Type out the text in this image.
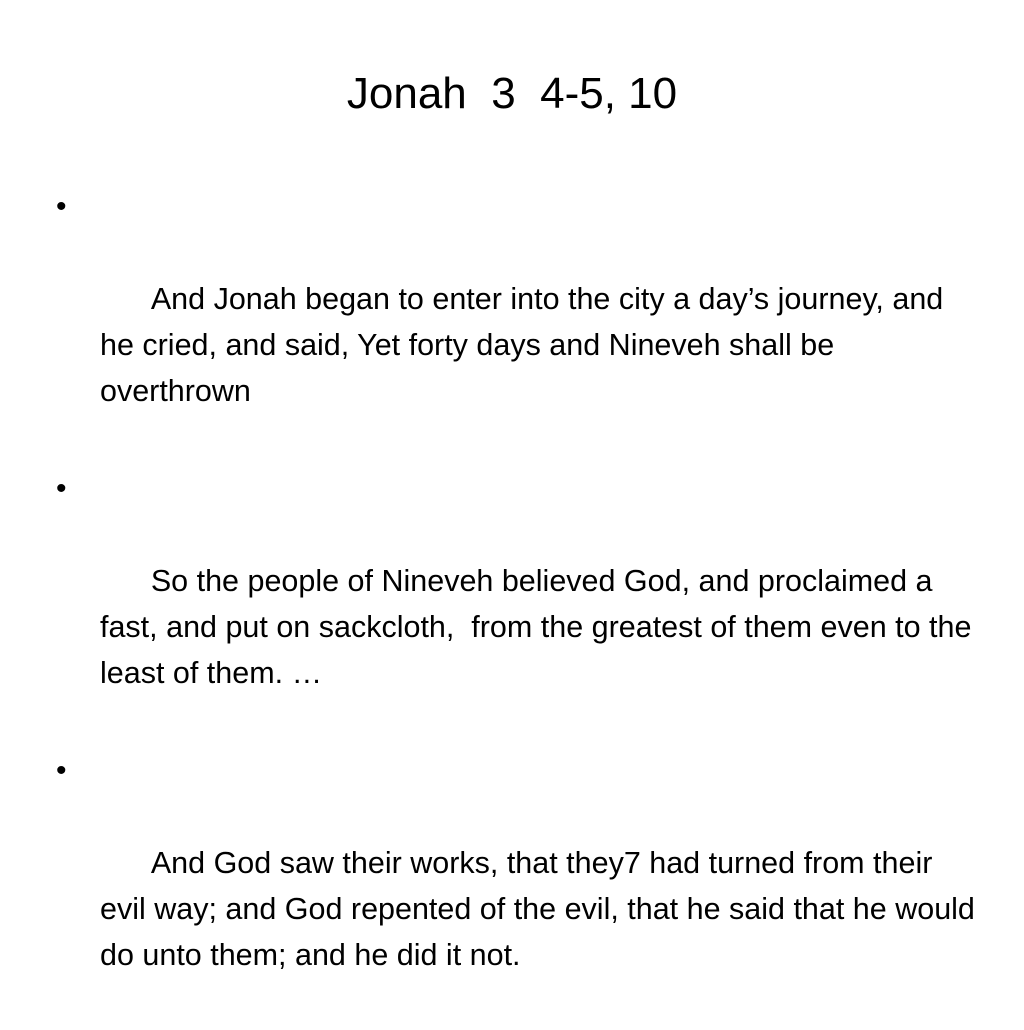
Jonah  3  4-5, 10

•

And Jonah began to enter into the city a day’s journey, and he cried, and said, Yet forty days and Nineveh shall be overthrown

•

So the people of Nineveh believed God, and proclaimed a fast, and put on sackcloth,  from the greatest of them even to the least of them. …

•

And God saw their works, that they7 had turned from their evil way; and God repented of the evil, that he said that he would do unto them; and he did it not.
